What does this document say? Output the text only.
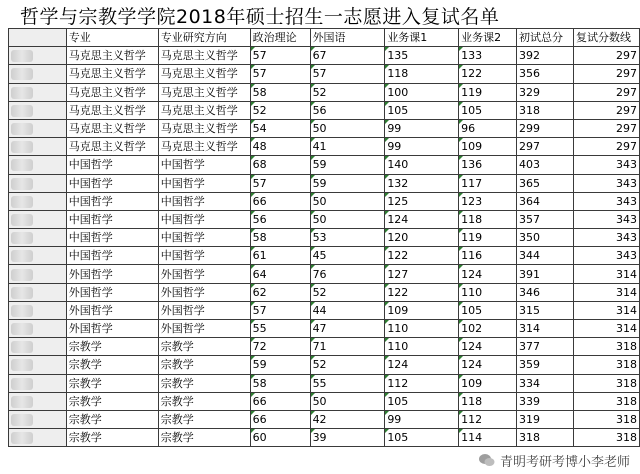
哲学与宗教学学院2018年硕士招生一志愿进入复试名单
	专业	专业研究方向	政治理论	外国语	业务课1	业务课2	初试总分	复试分数线
	马克思主义哲学	马克思主义哲学	57	67	135	133	392	297
	马克思主义哲学	马克思主义哲学	57	57	118	122	356	297
	马克思主义哲学	马克思主义哲学	58	52	100	119	329	297
	马克思主义哲学	马克思主义哲学	52	56	105	105	318	297
	马克思主义哲学	马克思主义哲学	54	50	99	96	299	297
	马克思主义哲学	马克思主义哲学	48	41	99	109	297	297
	中国哲学	中国哲学	68	59	140	136	403	343
	中国哲学	中国哲学	57	59	132	117	365	343
	中国哲学	中国哲学	66	50	125	123	364	343
	中国哲学	中国哲学	56	50	124	118	357	343
	中国哲学	中国哲学	58	53	120	119	350	343
	中国哲学	中国哲学	61	45	122	116	344	343
	外国哲学	外国哲学	64	76	127	124	391	314
	外国哲学	外国哲学	62	52	122	110	346	314
	外国哲学	外国哲学	57	44	109	105	315	314
	外国哲学	外国哲学	55	47	110	102	314	314
	宗教学	宗教学	72	71	110	124	377	318
	宗教学	宗教学	59	52	124	124	359	318
	宗教学	宗教学	58	55	112	109	334	318
	宗教学	宗教学	66	50	105	118	339	318
	宗教学	宗教学	66	42	99	112	319	318
	宗教学	宗教学	60	39	105	114	318	318
青明考研考博小李老师
